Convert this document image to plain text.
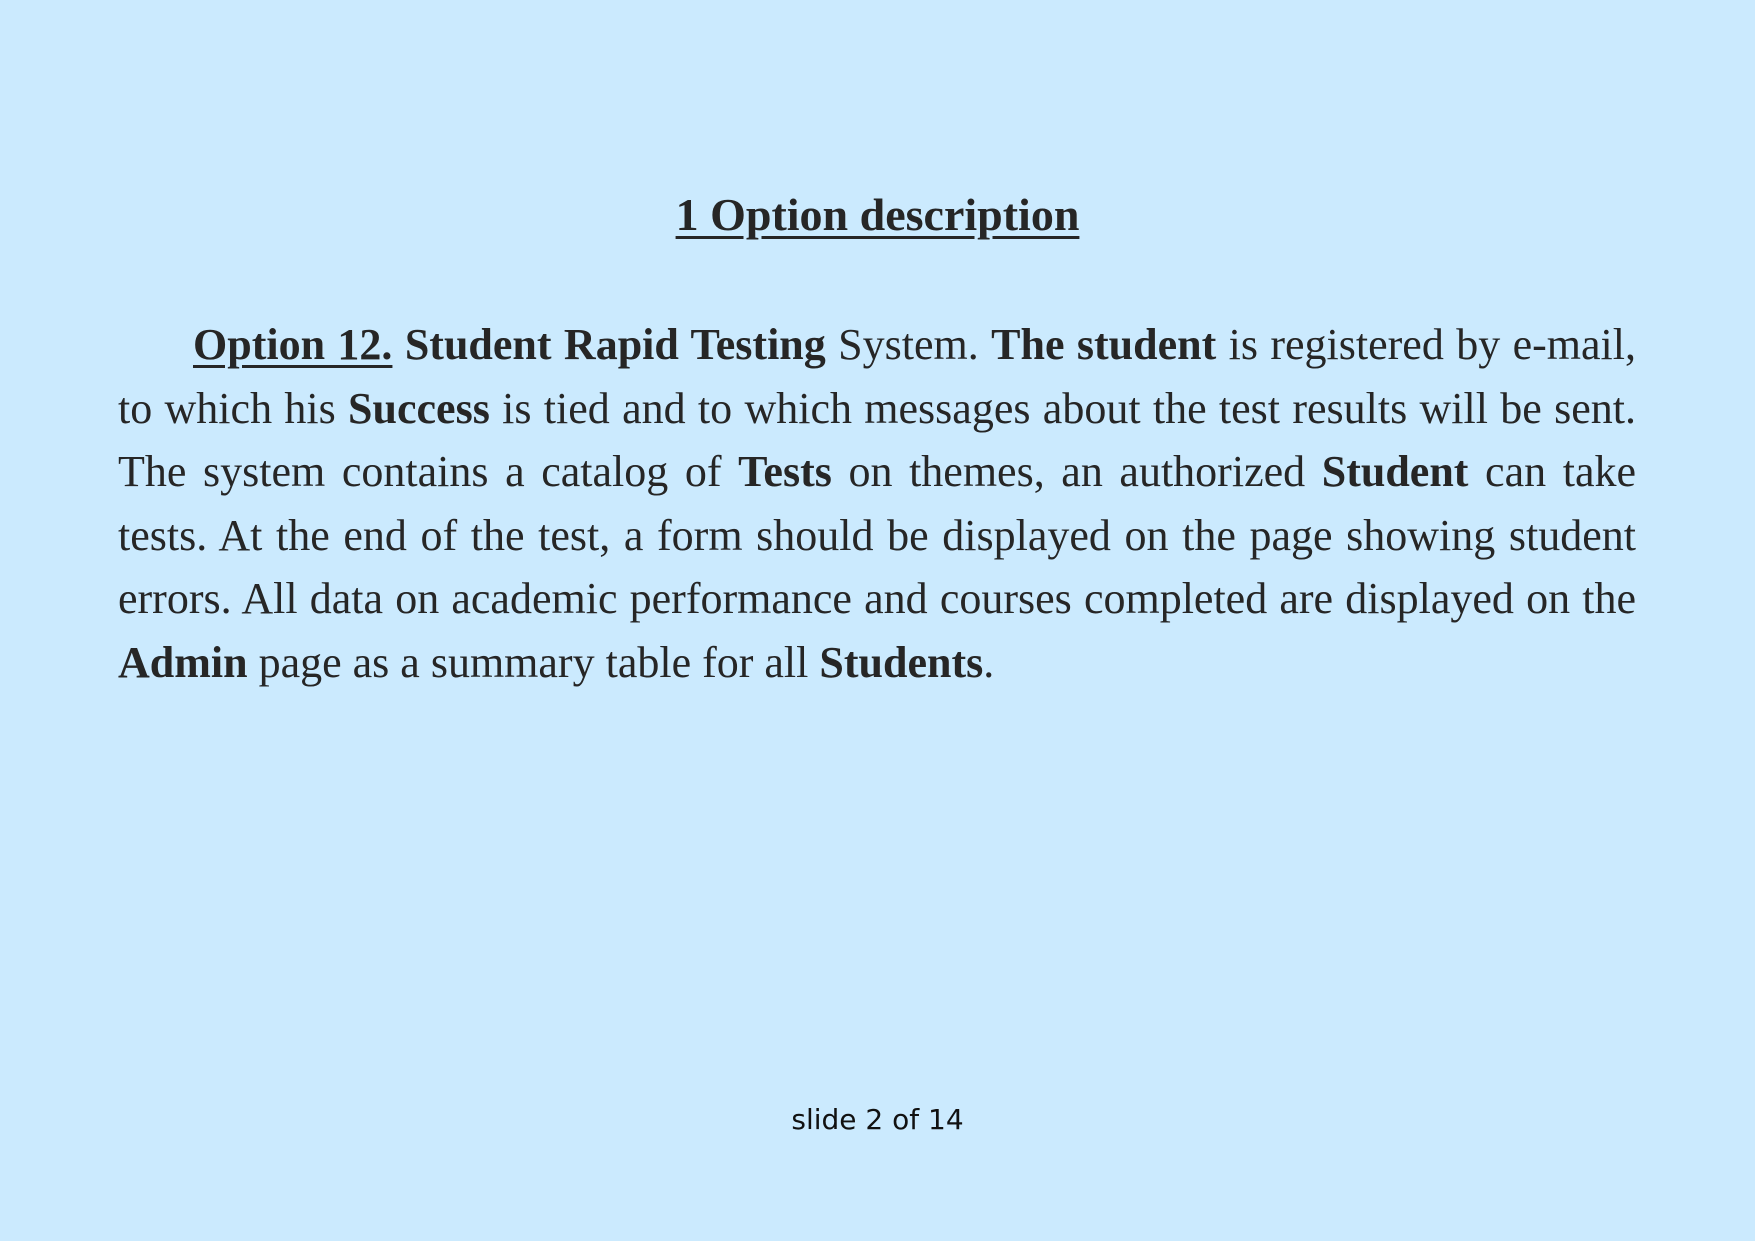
1 Option description

Option 12. Student Rapid Testing System. The student is registered by e-mail, to which his Success is tied and to which messages about the test results will be sent. The system contains a catalog of Tests on themes, an authorized Student can take tests. At the end of the test, a form should be displayed on the page showing student errors. All data on academic performance and courses completed are displayed on the Admin page as a summary table for all Students.

slide 2 of 14
